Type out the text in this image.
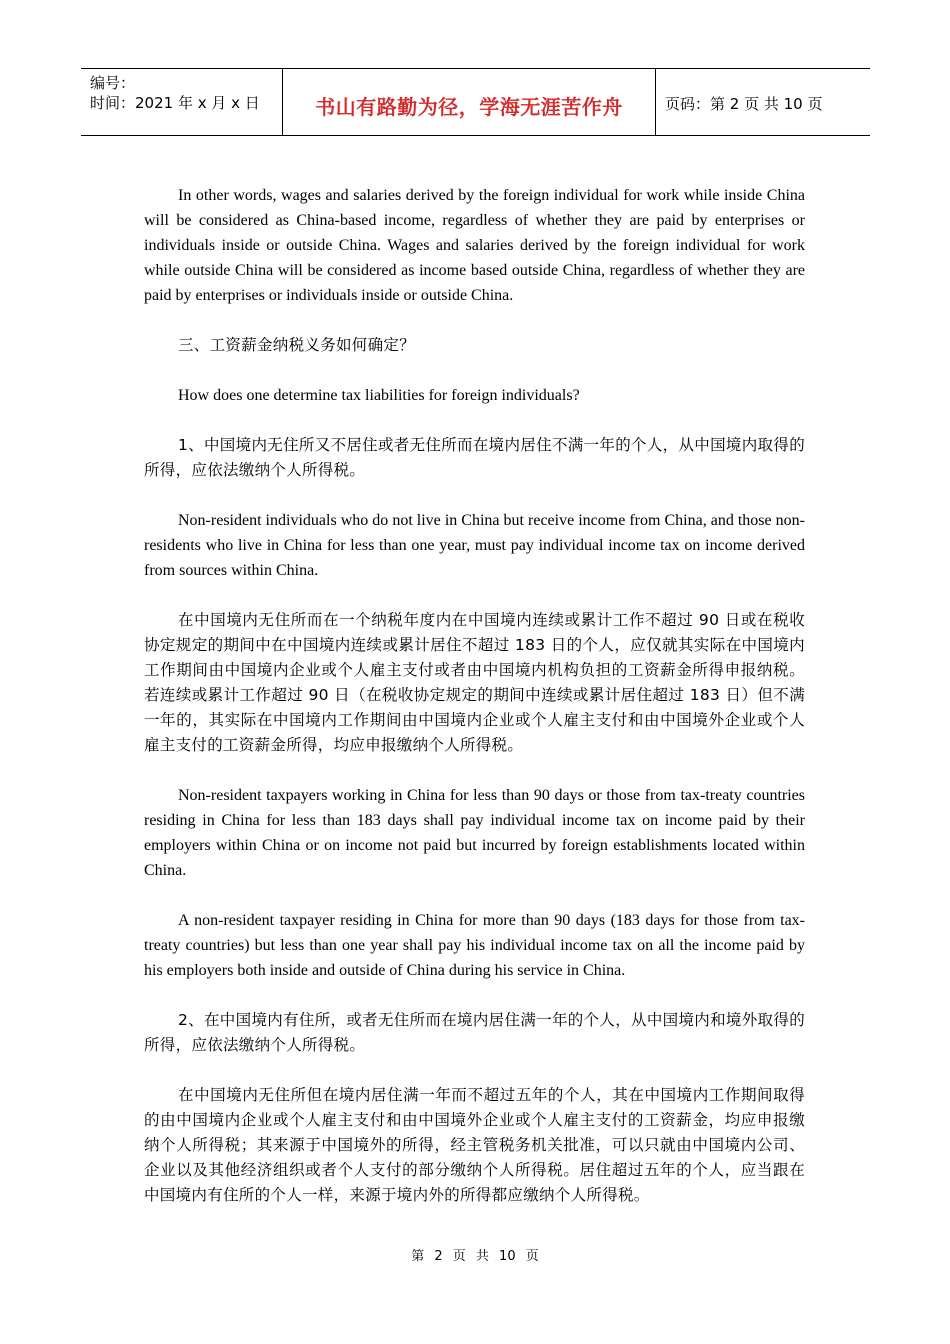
编号：
时间：2021 年 x 月 x 日	书山有路勤为径，学海无涯苦作舟	页码：第 2 页 共 10 页

In other words, wages and salaries derived by the foreign individual for work while inside China will be considered as China-based income, regardless of whether they are paid by enterprises or individuals inside or outside China. Wages and salaries derived by the foreign individual for work while outside China will be considered as income based outside China, regardless of whether they are paid by enterprises or individuals inside or outside China.

三、工资薪金纳税义务如何确定？

How does one determine tax liabilities for foreign individuals?

1、中国境内无住所又不居住或者无住所而在境内居住不满一年的个人，从中国境内取得的所得，应依法缴纳个人所得税。

Non-resident individuals who do not live in China but receive income from China, and those non-residents who live in China for less than one year, must pay individual income tax on income derived from sources within China.

在中国境内无住所而在一个纳税年度内在中国境内连续或累计工作不超过 90 日或在税收协定规定的期间中在中国境内连续或累计居住不超过 183 日的个人，应仅就其实际在中国境内工作期间由中国境内企业或个人雇主支付或者由中国境内机构负担的工资薪金所得申报纳税。若连续或累计工作超过 90 日（在税收协定规定的期间中连续或累计居住超过 183 日）但不满一年的，其实际在中国境内工作期间由中国境内企业或个人雇主支付和由中国境外企业或个人雇主支付的工资薪金所得，均应申报缴纳个人所得税。

Non-resident taxpayers working in China for less than 90 days or those from tax-treaty countries residing in China for less than 183 days shall pay individual income tax on income paid by their employers within China or on income not paid but incurred by foreign establishments located within China.

A non-resident taxpayer residing in China for more than 90 days (183 days for those from tax-treaty countries) but less than one year shall pay his individual income tax on all the income paid by his employers both inside and outside of China during his service in China.

2、在中国境内有住所，或者无住所而在境内居住满一年的个人，从中国境内和境外取得的所得，应依法缴纳个人所得税。

在中国境内无住所但在境内居住满一年而不超过五年的个人，其在中国境内工作期间取得的由中国境内企业或个人雇主支付和由中国境外企业或个人雇主支付的工资薪金，均应申报缴纳个人所得税；其来源于中国境外的所得，经主管税务机关批准，可以只就由中国境内公司、企业以及其他经济组织或者个人支付的部分缴纳个人所得税。居住超过五年的个人，应当跟在中国境内有住所的个人一样，来源于境内外的所得都应缴纳个人所得税。

第 2 页 共 10 页
